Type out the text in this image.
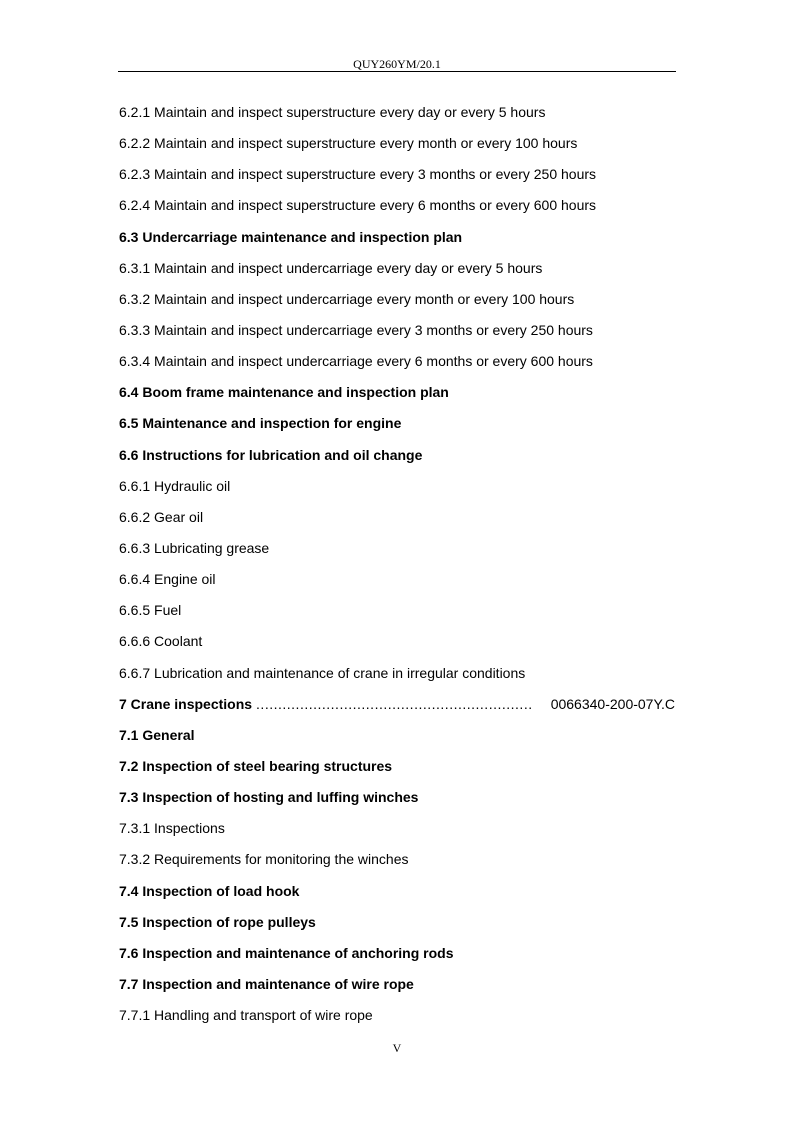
QUY260YM/20.1
6.2.1 Maintain and inspect superstructure every day or every 5 hours
6.2.2 Maintain and inspect superstructure every month or every 100 hours
6.2.3 Maintain and inspect superstructure every 3 months or every 250 hours
6.2.4 Maintain and inspect superstructure every 6 months or every 600 hours
6.3 Undercarriage maintenance and inspection plan
6.3.1 Maintain and inspect undercarriage every day or every 5 hours
6.3.2 Maintain and inspect undercarriage every month or every 100 hours
6.3.3 Maintain and inspect undercarriage every 3 months or every 250 hours
6.3.4 Maintain and inspect undercarriage every 6 months or every 600 hours
6.4 Boom frame maintenance and inspection plan
6.5 Maintenance and inspection for engine
6.6 Instructions for lubrication and oil change
6.6.1 Hydraulic oil
6.6.2 Gear oil
6.6.3 Lubricating grease
6.6.4 Engine oil
6.6.5 Fuel
6.6.6 Coolant
6.6.7 Lubrication and maintenance of crane in irregular conditions
7 Crane inspections
.....	0066340-200-07Y.C
7.1 General
7.2 Inspection of steel bearing structures
7.3 Inspection of hosting and luffing winches
7.3.1 Inspections
7.3.2 Requirements for monitoring the winches
7.4 Inspection of load hook
7.5 Inspection of rope pulleys
7.6 Inspection and maintenance of anchoring rods
7.7 Inspection and maintenance of wire rope
7.7.1 Handling and transport of wire rope
V
